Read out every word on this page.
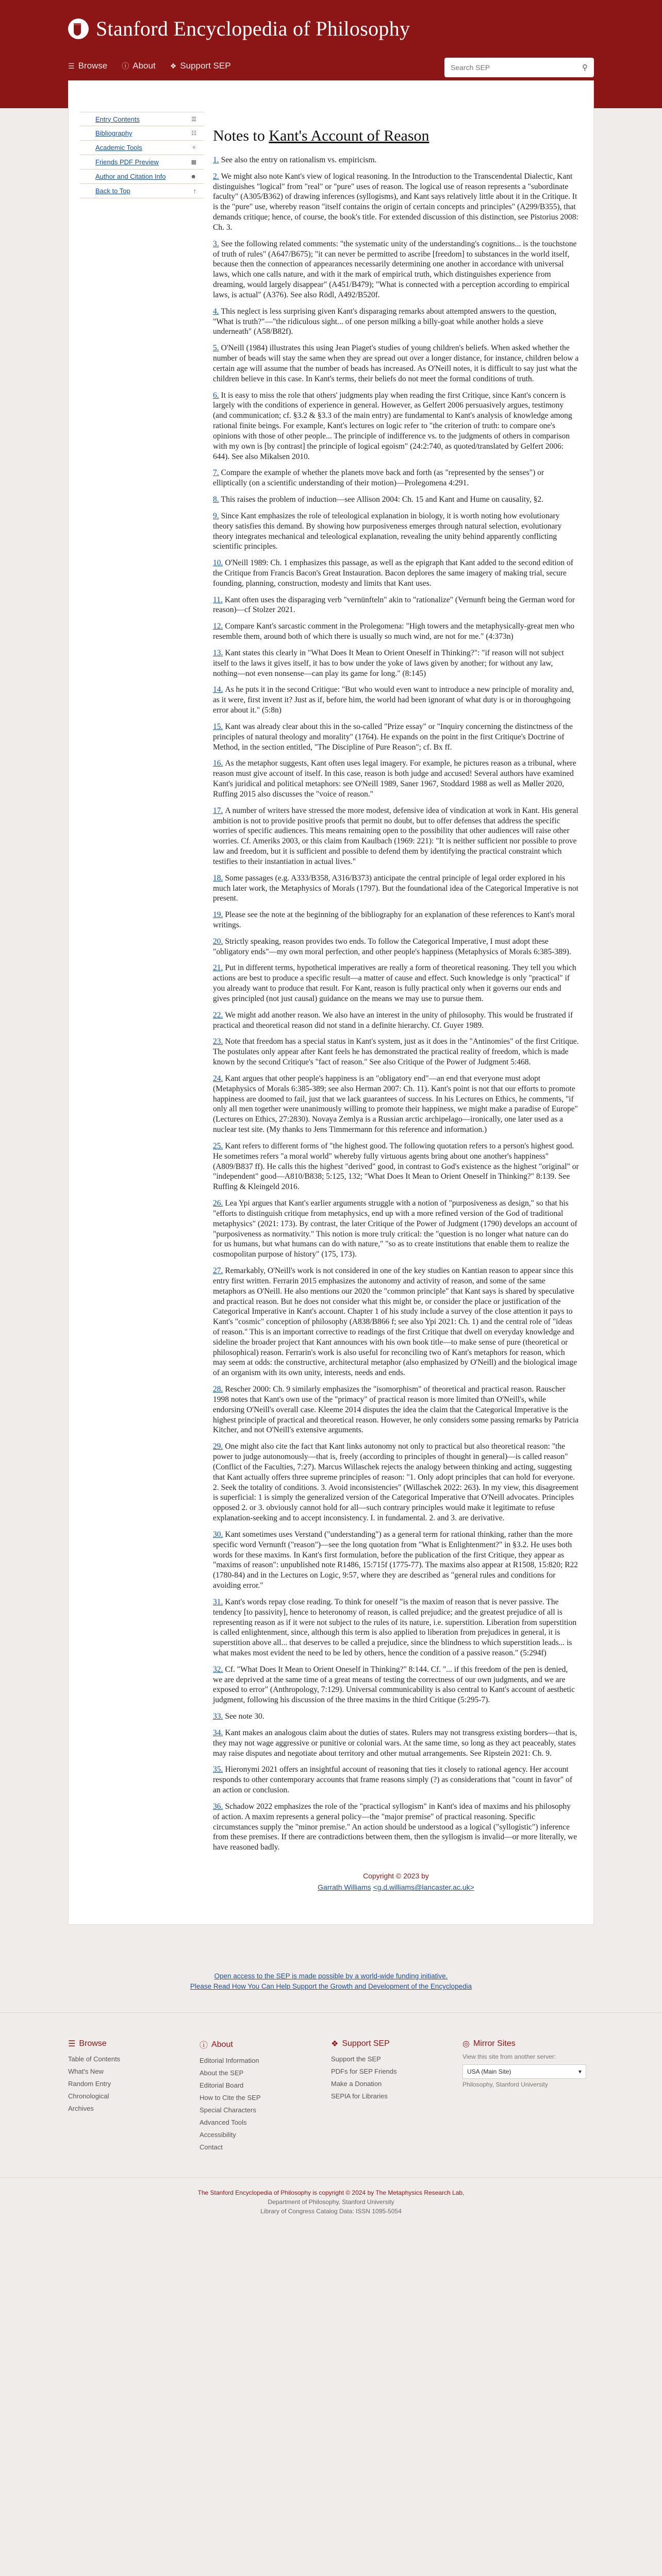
Stanford Encyclopedia of Philosophy
☰ Browse ⓘ About ❖ Support SEP
Search SEP	⚲
Entry Contents	☰
Bibliography	☷
Academic Tools	✧
Friends PDF Preview	▦
Author and Citation Info	☻
Back to Top	↑
Notes to Kant's Account of Reason
1. See also the entry on rationalism vs. empiricism.
2. We might also note Kant's view of logical reasoning. In the Introduction to the Transcendental Dialectic, Kant distinguishes "logical" from "real" or "pure" uses of reason. The logical use of reason represents a "subordinate faculty" (A305/B362) of drawing inferences (syllogisms), and Kant says relatively little about it in the Critique. It is the "pure" use, whereby reason "itself contains the origin of certain concepts and principles" (A299/B355), that demands critique; hence, of course, the book's title. For extended discussion of this distinction, see Pistorius 2008: Ch. 3.
3. See the following related comments: "the systematic unity of the understanding's cognitions... is the touchstone of truth of rules" (A647/B675); "it can never be permitted to ascribe [freedom] to substances in the world itself, because then the connection of appearances necessarily determining one another in accordance with universal laws, which one calls nature, and with it the mark of empirical truth, which distinguishes experience from dreaming, would largely disappear" (A451/B479); "What is connected with a perception according to empirical laws, is actual" (A376). See also Rödl, A492/B520f.
4. This neglect is less surprising given Kant's disparaging remarks about attempted answers to the question, "What is truth?"—"the ridiculous sight... of one person milking a billy-goat while another holds a sieve underneath" (A58/B82f).
5. O'Neill (1984) illustrates this using Jean Piaget's studies of young children's beliefs. When asked whether the number of beads will stay the same when they are spread out over a longer distance, for instance, children below a certain age will assume that the number of beads has increased. As O'Neill notes, it is difficult to say just what the children believe in this case. In Kant's terms, their beliefs do not meet the formal conditions of truth.
6. It is easy to miss the role that others' judgments play when reading the first Critique, since Kant's concern is largely with the conditions of experience in general. However, as Gelfert 2006 persuasively argues, testimony (and communication; cf. §3.2 & §3.3 of the main entry) are fundamental to Kant's analysis of knowledge among rational finite beings. For example, Kant's lectures on logic refer to "the criterion of truth: to compare one's opinions with those of other people... The principle of indifference vs. to the judgments of others in comparison with my own is [by contrast] the principle of logical egoism" (24:2:740, as quoted/translated by Gelfert 2006: 644). See also Mikalsen 2010.
7. Compare the example of whether the planets move back and forth (as "represented by the senses") or elliptically (on a scientific understanding of their motion)—Prolegomena 4:291.
8. This raises the problem of induction—see Allison 2004: Ch. 15 and Kant and Hume on causality, §2.
9. Since Kant emphasizes the role of teleological explanation in biology, it is worth noting how evolutionary theory satisfies this demand. By showing how purposiveness emerges through natural selection, evolutionary theory integrates mechanical and teleological explanation, revealing the unity behind apparently conflicting scientific principles.
10. O'Neill 1989: Ch. 1 emphasizes this passage, as well as the epigraph that Kant added to the second edition of the Critique from Francis Bacon's Great Instauration. Bacon deplores the same imagery of making trial, secure founding, planning, construction, modesty and limits that Kant uses.
11. Kant often uses the disparaging verb "vernünfteln" akin to "rationalize" (Vernunft being the German word for reason)—cf Stolzer 2021.
12. Compare Kant's sarcastic comment in the Prolegomena: "High towers and the metaphysically-great men who resemble them, around both of which there is usually so much wind, are not for me." (4:373n)
13. Kant states this clearly in "What Does It Mean to Orient Oneself in Thinking?": "if reason will not subject itself to the laws it gives itself, it has to bow under the yoke of laws given by another; for without any law, nothing—not even nonsense—can play its game for long." (8:145)
14. As he puts it in the second Critique: "But who would even want to introduce a new principle of morality and, as it were, first invent it? Just as if, before him, the world had been ignorant of what duty is or in thoroughgoing error about it." (5:8n)
15. Kant was already clear about this in the so-called "Prize essay" or "Inquiry concerning the distinctness of the principles of natural theology and morality" (1764). He expands on the point in the first Critique's Doctrine of Method, in the section entitled, "The Discipline of Pure Reason"; cf. Bx ff.
16. As the metaphor suggests, Kant often uses legal imagery. For example, he pictures reason as a tribunal, where reason must give account of itself. In this case, reason is both judge and accused! Several authors have examined Kant's juridical and political metaphors: see O'Neill 1989, Saner 1967, Stoddard 1988 as well as Møller 2020, Ruffing 2015 also discusses the "voice of reason."
17. A number of writers have stressed the more modest, defensive idea of vindication at work in Kant. His general ambition is not to provide positive proofs that permit no doubt, but to offer defenses that address the specific worries of specific audiences. This means remaining open to the possibility that other audiences will raise other worries. Cf. Ameriks 2003, or this claim from Kaulbach (1969: 221): "It is neither sufficient nor possible to prove law and freedom, but it is sufficient and possible to defend them by identifying the practical constraint which testifies to their instantiation in actual lives."
18. Some passages (e.g. A333/B358, A316/B373) anticipate the central principle of legal order explored in his much later work, the Metaphysics of Morals (1797). But the foundational idea of the Categorical Imperative is not present.
19. Please see the note at the beginning of the bibliography for an explanation of these references to Kant's moral writings.
20. Strictly speaking, reason provides two ends. To follow the Categorical Imperative, I must adopt these "obligatory ends"—my own moral perfection, and other people's happiness (Metaphysics of Morals 6:385-389).
21. Put in different terms, hypothetical imperatives are really a form of theoretical reasoning. They tell you which actions are best to produce a specific result—a matter of cause and effect. Such knowledge is only "practical" if you already want to produce that result. For Kant, reason is fully practical only when it governs our ends and gives principled (not just causal) guidance on the means we may use to pursue them.
22. We might add another reason. We also have an interest in the unity of philosophy. This would be frustrated if practical and theoretical reason did not stand in a definite hierarchy. Cf. Guyer 1989.
23. Note that freedom has a special status in Kant's system, just as it does in the "Antinomies" of the first Critique. The postulates only appear after Kant feels he has demonstrated the practical reality of freedom, which is made known by the second Critique's "fact of reason." See also Critique of the Power of Judgment 5:468.
24. Kant argues that other people's happiness is an "obligatory end"—an end that everyone must adopt (Metaphysics of Morals 6:385-389; see also Herman 2007: Ch. 11). Kant's point is not that our efforts to promote happiness are doomed to fail, just that we lack guarantees of success. In his Lectures on Ethics, he comments, "if only all men together were unanimously willing to promote their happiness, we might make a paradise of Europe" (Lectures on Ethics, 27:2830). Novaya Zemlya is a Russian arctic archipelago—ironically, one later used as a nuclear test site. (My thanks to Jens Timmermann for this reference and information.)
25. Kant refers to different forms of "the highest good. The following quotation refers to a person's highest good. He sometimes refers "a moral world" whereby fully virtuous agents bring about one another's happiness" (A809/B837 ff). He calls this the highest "derived" good, in contrast to God's existence as the highest "original" or "independent" good—A810/B838; 5:125, 132; "What Does It Mean to Orient Oneself in Thinking?" 8:139. See Ruffing & Kleingeld 2016.
26. Lea Ypi argues that Kant's earlier arguments struggle with a notion of "purposiveness as design," so that his "efforts to distinguish critique from metaphysics, end up with a more refined version of the God of traditional metaphysics" (2021: 173). By contrast, the later Critique of the Power of Judgment (1790) develops an account of "purposiveness as normativity." This notion is more truly critical: the "question is no longer what nature can do for us humans, but what humans can do with nature," "so as to create institutions that enable them to realize the cosmopolitan purpose of history" (175, 173).
27. Remarkably, O'Neill's work is not considered in one of the key studies on Kantian reason to appear since this entry first written. Ferrarin 2015 emphasizes the autonomy and activity of reason, and some of the same metaphors as O'Neill. He also mentions our 2020 the "common principle" that Kant says is shared by speculative and practical reason. But he does not consider what this might be, or consider the place or justification of the Categorical Imperative in Kant's account. Chapter 1 of his study include a survey of the close attention it pays to Kant's "cosmic" conception of philosophy (A838/B866 f; see also Ypi 2021: Ch. 1) and the central role of "ideas of reason." This is an important corrective to readings of the first Critique that dwell on everyday knowledge and sideline the broader project that Kant announces with his own book title—to make sense of pure (theoretical or philosophical) reason. Ferrarin's work is also useful for reconciling two of Kant's metaphors for reason, which may seem at odds: the constructive, architectural metaphor (also emphasized by O'Neill) and the biological image of an organism with its own unity, interests, needs and ends.
28. Rescher 2000: Ch. 9 similarly emphasizes the "isomorphism" of theoretical and practical reason. Rauscher 1998 notes that Kant's own use of the "primacy" of practical reason is more limited than O'Neill's, while endorsing O'Neill's overall case. Kleeme 2014 disputes the idea the claim that the Categorical Imperative is the highest principle of practical and theoretical reason. However, he only considers some passing remarks by Patricia Kitcher, and not O'Neill's extensive arguments.
29. One might also cite the fact that Kant links autonomy not only to practical but also theoretical reason: "the power to judge autonomously—that is, freely (according to principles of thought in general)—is called reason" (Conflict of the Faculties, 7:27). Marcus Willaschek rejects the analogy between thinking and acting, suggesting that Kant actually offers three supreme principles of reason: "1. Only adopt principles that can hold for everyone. 2. Seek the totality of conditions. 3. Avoid inconsistencies" (Willaschek 2022: 263). In my view, this disagreement is superficial: 1 is simply the generalized version of the Categorical Imperative that O'Neill advocates. Principles opposed 2. or 3. obviously cannot hold for all—such contrary principles would make it legitimate to refuse explanation-seeking and to accept inconsistency. I. in fundamental. 2. and 3. are derivative.
30. Kant sometimes uses Verstand ("understanding") as a general term for rational thinking, rather than the more specific word Vernunft ("reason")—see the long quotation from "What is Enlightenment?" in §3.2. He uses both words for these maxims. In Kant's first formulation, before the publication of the first Critique, they appear as "maxims of reason": unpublished note R1486, 15:715f (1775-77). The maxims also appear at R1508, 15:820; R22 (1780-84) and in the Lectures on Logic, 9:57, where they are described as "general rules and conditions for avoiding error."
31. Kant's words repay close reading. To think for oneself "is the maxim of reason that is never passive. The tendency [to passivity], hence to heteronomy of reason, is called prejudice; and the greatest prejudice of all is representing reason as if it were not subject to the rules of its nature, i.e. superstition. Liberation from superstition is called enlightenment, since, although this term is also applied to liberation from prejudices in general, it is superstition above all... that deserves to be called a prejudice, since the blindness to which superstition leads... is what makes most evident the need to be led by others, hence the condition of a passive reason." (5:294f)
32. Cf. "What Does It Mean to Orient Oneself in Thinking?" 8:144. Cf. "... if this freedom of the pen is denied, we are deprived at the same time of a great means of testing the correctness of our own judgments, and we are exposed to error" (Anthropology, 7:129). Universal communicability is also central to Kant's account of aesthetic judgment, following his discussion of the three maxims in the third Critique (5:295-7).
33. See note 30.
34. Kant makes an analogous claim about the duties of states. Rulers may not transgress existing borders—that is, they may not wage aggressive or punitive or colonial wars. At the same time, so long as they act peaceably, states may raise disputes and negotiate about territory and other mutual arrangements. See Ripstein 2021: Ch. 9.
35. Hieronymi 2021 offers an insightful account of reasoning that ties it closely to rational agency. Her account responds to other contemporary accounts that frame reasons simply (?) as considerations that "count in favor" of an action or conclusion.
36. Schadow 2022 emphasizes the role of the "practical syllogism" in Kant's idea of maxims and his philosophy of action. A maxim represents a general policy—the "major premise" of practical reasoning. Specific circumstances supply the "minor premise." An action should be understood as a logical ("syllogistic") inference from these premises. If there are contradictions between them, then the syllogism is invalid—or more literally, we have reasoned badly.
Copyright © 2023 by
Garrath Williams <g.d.williams@lancaster.ac.uk>
Open access to the SEP is made possible by a world-wide funding initiative.
Please Read How You Can Help Support the Growth and Development of the Encyclopedia
☰ Browse
Table of Contents
What's New
Random Entry
Chronological
Archives
ⓘ About
Editorial Information
About the SEP
Editorial Board
How to Cite the SEP
Special Characters
Advanced Tools
Accessibility
Contact
❖ Support SEP
Support the SEP
PDFs for SEP Friends
Make a Donation
SEPIA for Libraries
◎ Mirror Sites
View this site from another server:
USA (Main Site)	▾
Philosophy, Stanford University
The Stanford Encyclopedia of Philosophy is copyright © 2024 by The Metaphysics Research Lab,
Department of Philosophy, Stanford University
Library of Congress Catalog Data: ISSN 1095-5054
